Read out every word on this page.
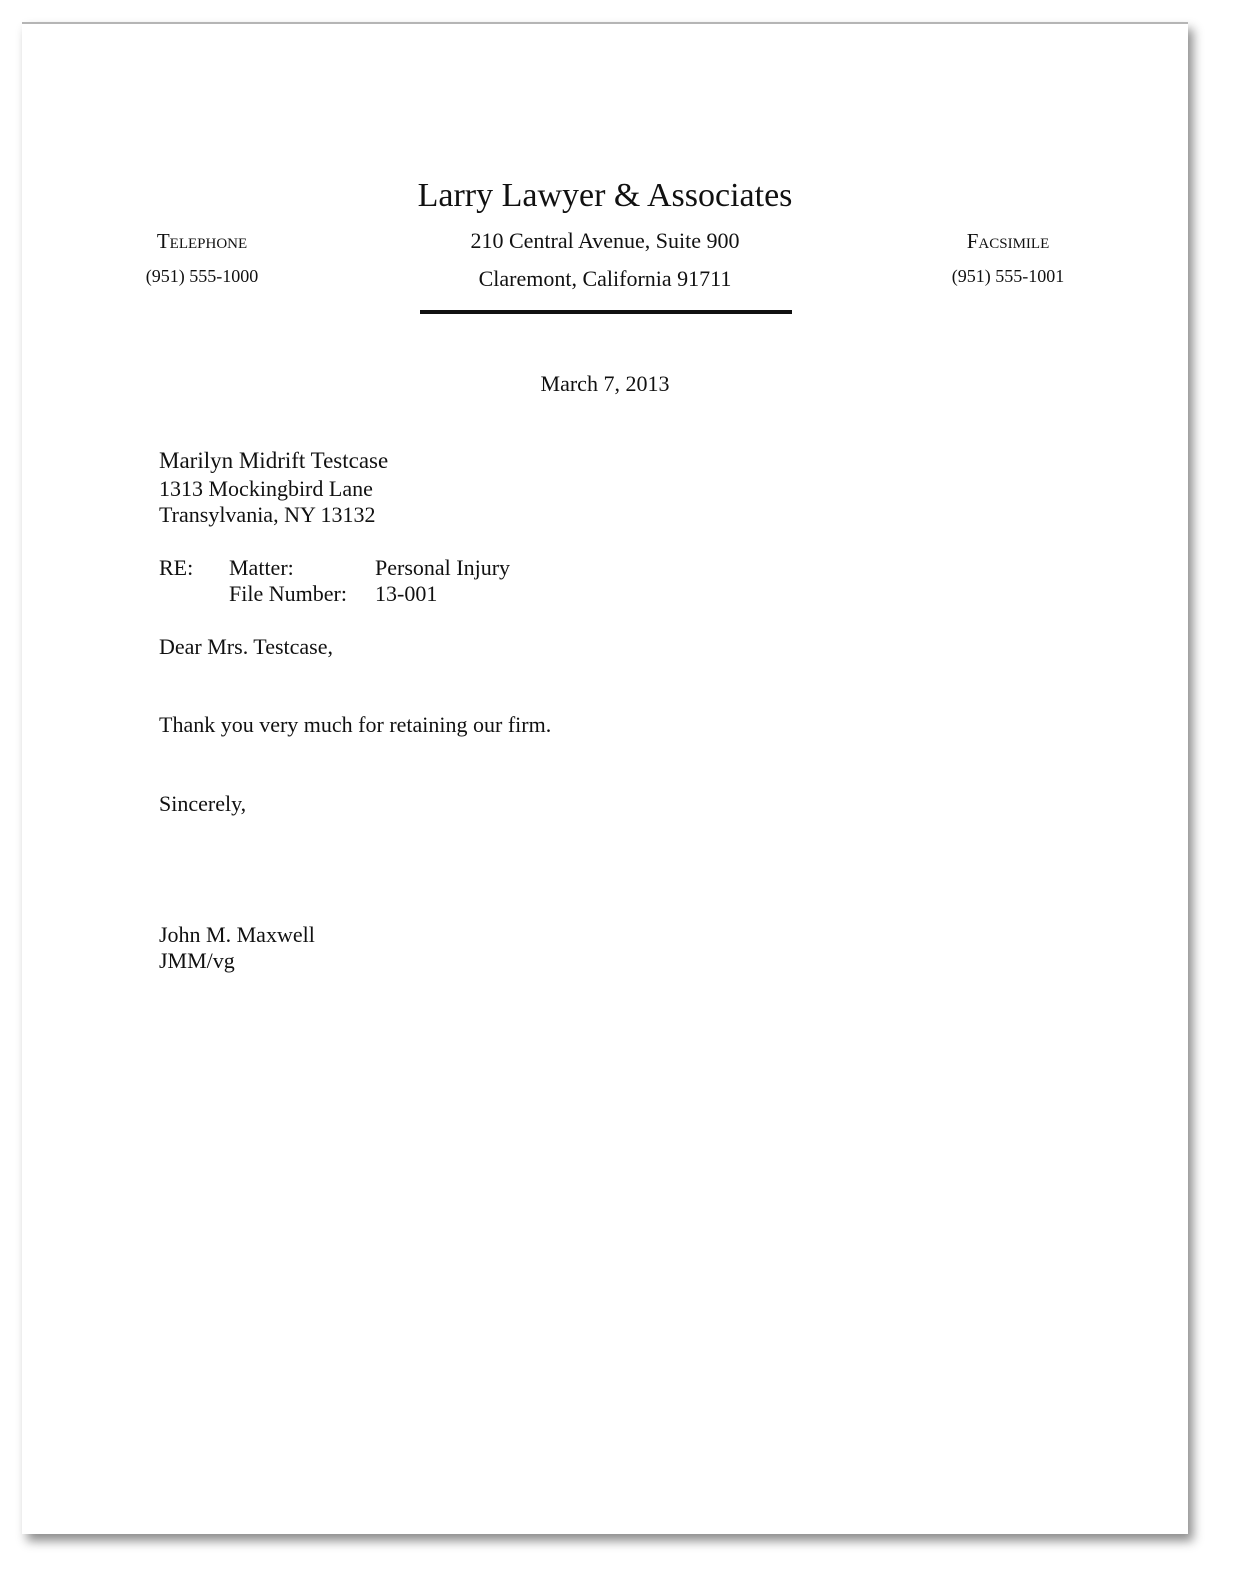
Larry Lawyer & Associates
Telephone
(951) 555-1000
210 Central Avenue, Suite 900
Claremont, California 91711
Facsimile
(951) 555-1001
March 7, 2013
Marilyn Midrift Testcase
1313 Mockingbird Lane
Transylvania, NY 13132
RE: Matter:	Personal Injury
File Number: 13-001
Dear Mrs. Testcase,
Thank you very much for retaining our firm.
Sincerely,
John M. Maxwell
JMM/vg
